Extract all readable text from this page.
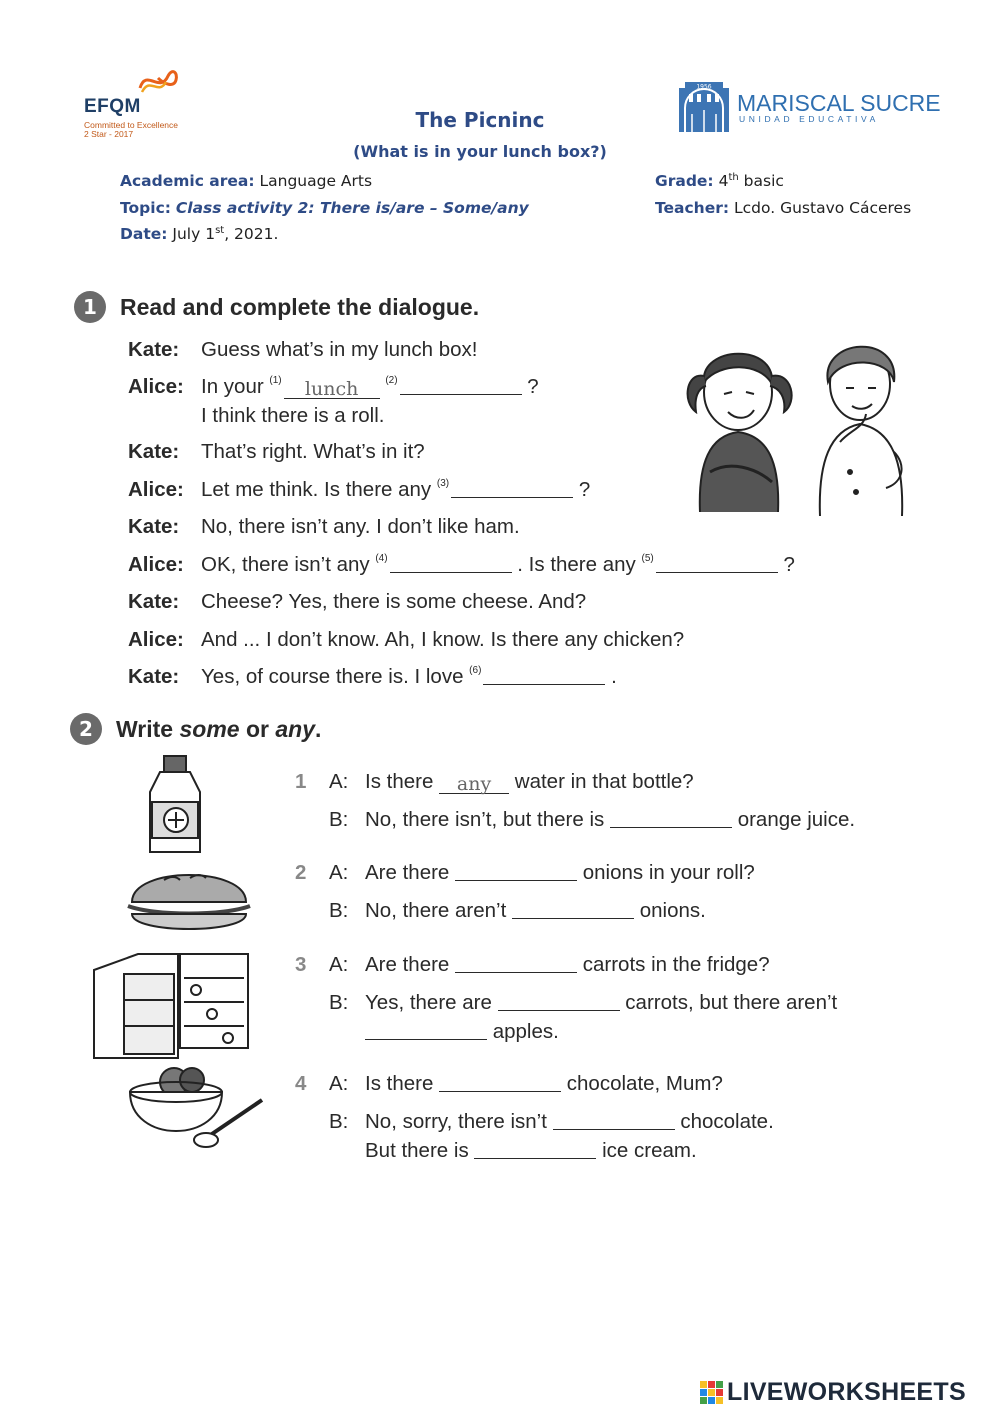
EFQM
Committed to Excellence
2 Star - 2017
1956
MARISCAL SUCRE
UNIDAD EDUCATIVA
The Picninc
(What is in your lunch box?)
Academic area: Language Arts	Grade: 4th basic
Topic: Class activity 2: There is/are – Some/any	Teacher: Lcdo. Gustavo Cáceres
Date: July 1st, 2021.
1	Read and complete the dialogue.
Kate: Guess what’s in my lunch box!
Alice: In your $^{(1)}$ lunch	$^{(2)}$	?
I think there is a roll.
Kate: That’s right. What’s in it?
Alice: Let me think. Is there any $^{(3)}$	?
Kate: No, there isn’t any. I don’t like ham.
Alice: OK, there isn’t any $^{(4)}$	. Is there any $^{(5)}$	?
Kate: Cheese? Yes, there is some cheese. And?
Alice: And ... I don’t know. Ah, I know. Is there any chicken?
Kate: Yes, of course there is. I love $^{(6)}$	.
2	Write some or any.
1 A: Is there any water in that bottle?
B: No, there isn’t, but there is	orange juice.
2 A: Are there	onions in your roll?
B: No, there aren’t	onions.
3 A: Are there	carrots in the fridge?
B: Yes, there are	carrots, but there aren’t
apples.
4 A: Is there	chocolate, Mum?
B: No, sorry, there isn’t	chocolate.
But there is	ice cream.
LIVEWORKSHEETS
